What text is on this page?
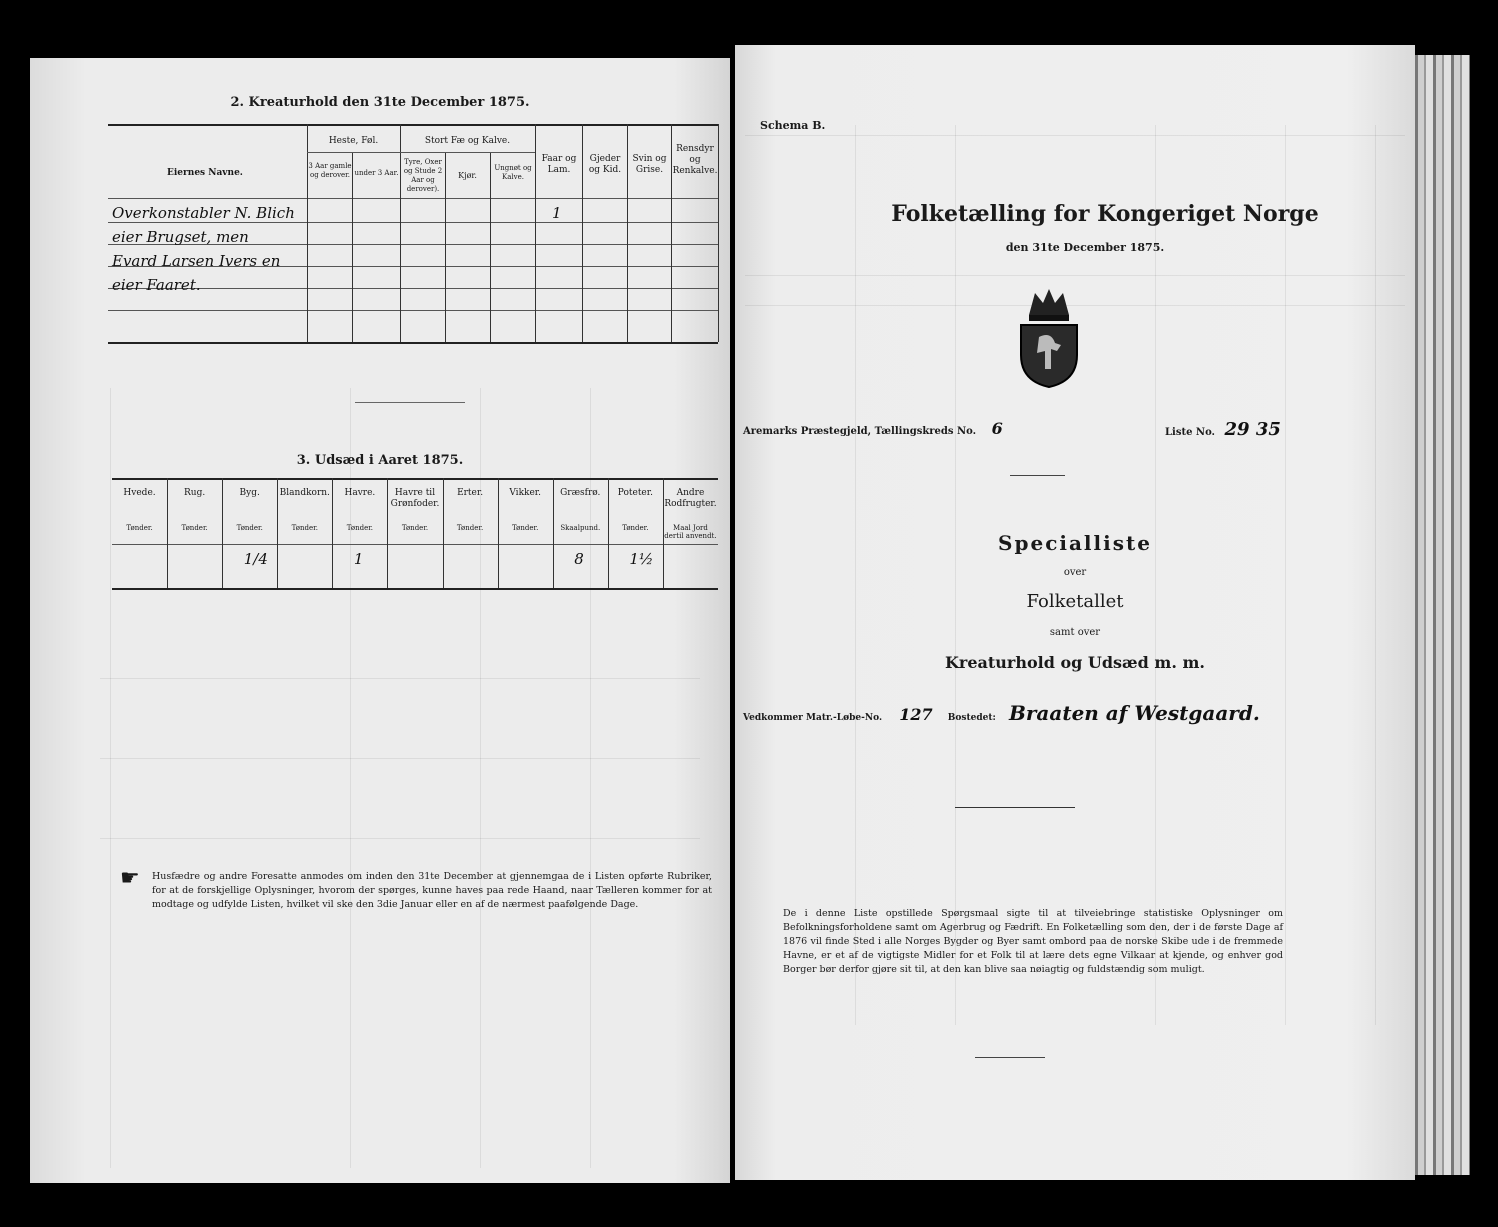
2. Kreaturhold den 31te December 1875.
Eiernes Navne.
Heste, Føl.
3 Aar gamle og derover. under 3 Aar.
Stort Fæ og Kalve.
Tyre, Oxer og Stude 2 Aar og derover).
Kjør.
Ungnøt og Kalve.
Faar og Lam.
Gjeder og Kid.
Svin og Grise.
Rensdyr og Renkalve.
Overkonstabler N. Blich
eier Brugset, men
Evard Larsen Ivers en
eier Faaret.
1
3. Udsæd i Aaret 1875.
Hvede.
Tønder.
Rug.
Tønder.
Byg.
Tønder.
1/4
Blandkorn.
Tønder.
Havre.
Tønder.
1
Havre til Grønfoder.
Tønder.
Erter.
Tønder.
Vikker.
Tønder.
Græsfrø.
Skaalpund.
8
Poteter.
Tønder.
1½
Andre Rodfrugter.
Maal Jord dertil anvendt.
☛ Husfædre og andre Foresatte anmodes om inden den 31te December at gjennemgaa de i Listen opførte Rubriker, for at de forskjellige Oplysninger, hvorom der spørges, kunne haves paa rede Haand, naar Tælleren kommer for at modtage og udfylde Listen, hvilket vil ske den 3die Januar eller en af de nærmest paafølgende Dage.
Schema B.
Folketælling for Kongeriget Norge
den 31te December 1875.
Aremarks Præstegjeld, Tællingskreds No. 6	Liste No. 29 35
Specialliste
over
Folketallet
samt over
Kreaturhold og Udsæd m. m.
Vedkommer Matr.-Løbe-No. 127 Bostedet: Braaten af Westgaard.
De i denne Liste opstillede Spørgsmaal sigte til at tilveiebringe statistiske Oplysninger om Befolkningsforholdene samt om Agerbrug og Fædrift. En Folketælling som den, der i de første Dage af 1876 vil finde Sted i alle Norges Bygder og Byer samt ombord paa de norske Skibe ude i de fremmede Havne, er et af de vigtigste Midler for et Folk til at lære dets egne Vilkaar at kjende, og enhver god Borger bør derfor gjøre sit til, at den kan blive saa nøiagtig og fuldstændig som muligt.
